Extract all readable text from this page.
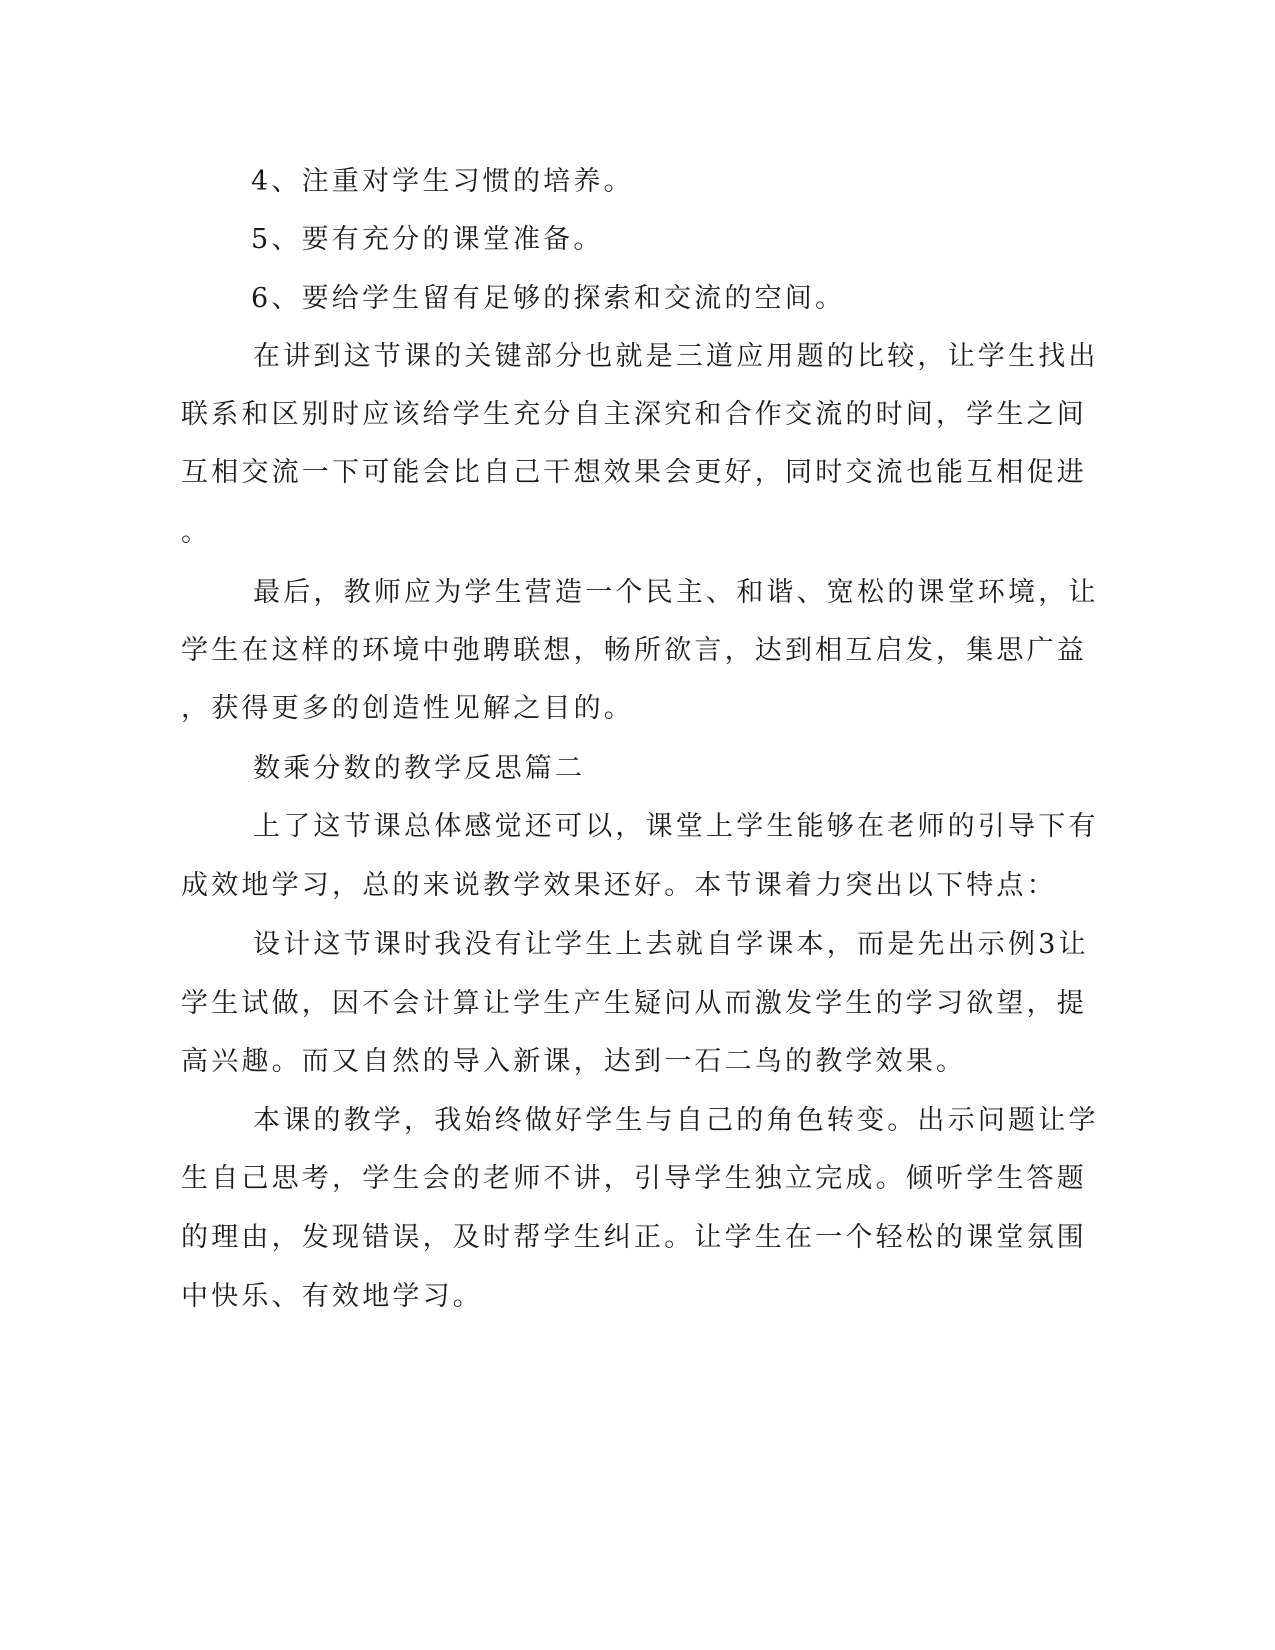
4、注重对学生习惯的培养。
5、要有充分的课堂准备。
6、要给学生留有足够的探索和交流的空间。
在讲到这节课的关键部分也就是三道应用题的比较，让学生找出
联系和区别时应该给学生充分自主深究和合作交流的时间，学生之间
互相交流一下可能会比自己干想效果会更好，同时交流也能互相促进
。
最后，教师应为学生营造一个民主、和谐、宽松的课堂环境，让
学生在这样的环境中弛聘联想，畅所欲言，达到相互启发，集思广益
，获得更多的创造性见解之目的。
数乘分数的教学反思篇二
上了这节课总体感觉还可以，课堂上学生能够在老师的引导下有
成效地学习，总的来说教学效果还好。本节课着力突出以下特点：
设计这节课时我没有让学生上去就自学课本，而是先出示例3让
学生试做，因不会计算让学生产生疑问从而激发学生的学习欲望，提
高兴趣。而又自然的导入新课，达到一石二鸟的教学效果。
本课的教学，我始终做好学生与自己的角色转变。出示问题让学
生自己思考，学生会的老师不讲，引导学生独立完成。倾听学生答题
的理由，发现错误，及时帮学生纠正。让学生在一个轻松的课堂氛围
中快乐、有效地学习。
